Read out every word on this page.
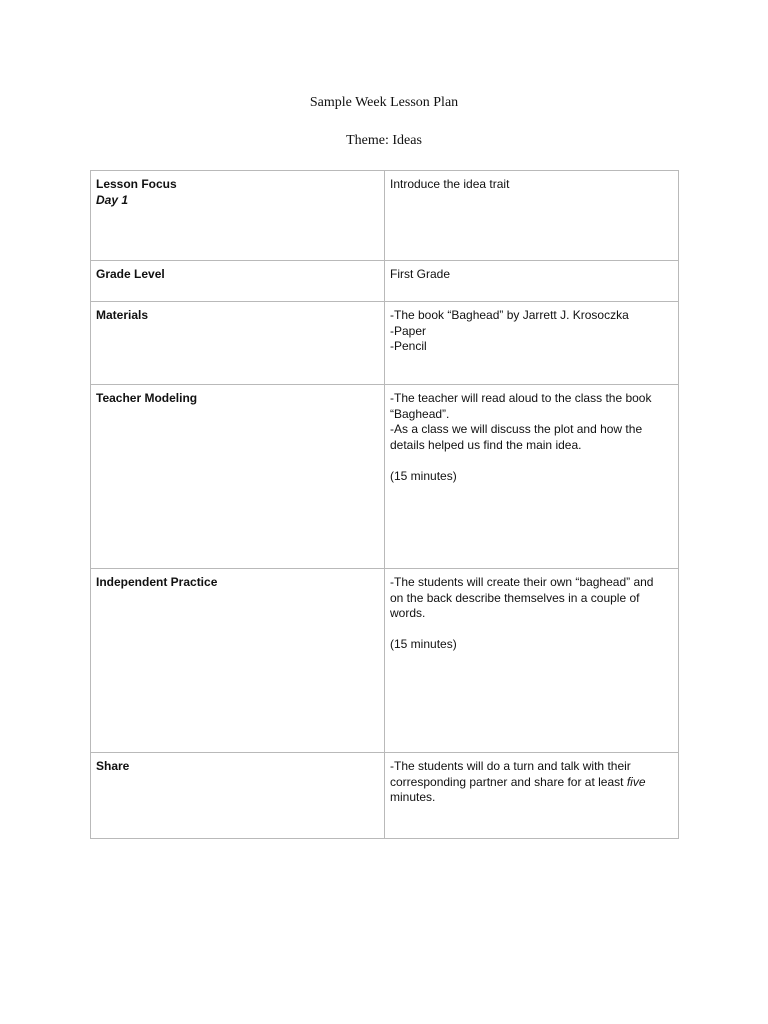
Sample Week Lesson Plan
Theme: Ideas
Lesson Focus
Day 1	Introduce the idea trait

Grade Level	First Grade

Materials	-The book “Baghead” by Jarrett J. Krosoczka
-Paper
-Pencil

Teacher Modeling	-The teacher will read aloud to the class the book
“Baghead”.
-As a class we will discuss the plot and how the
details helped us find the main idea.
(15 minutes)

Independent Practice	-The students will create their own “baghead” and
on the back describe themselves in a couple of
words.
(15 minutes)

Share	-The students will do a turn and talk with their
corresponding partner and share for at least five
minutes.
